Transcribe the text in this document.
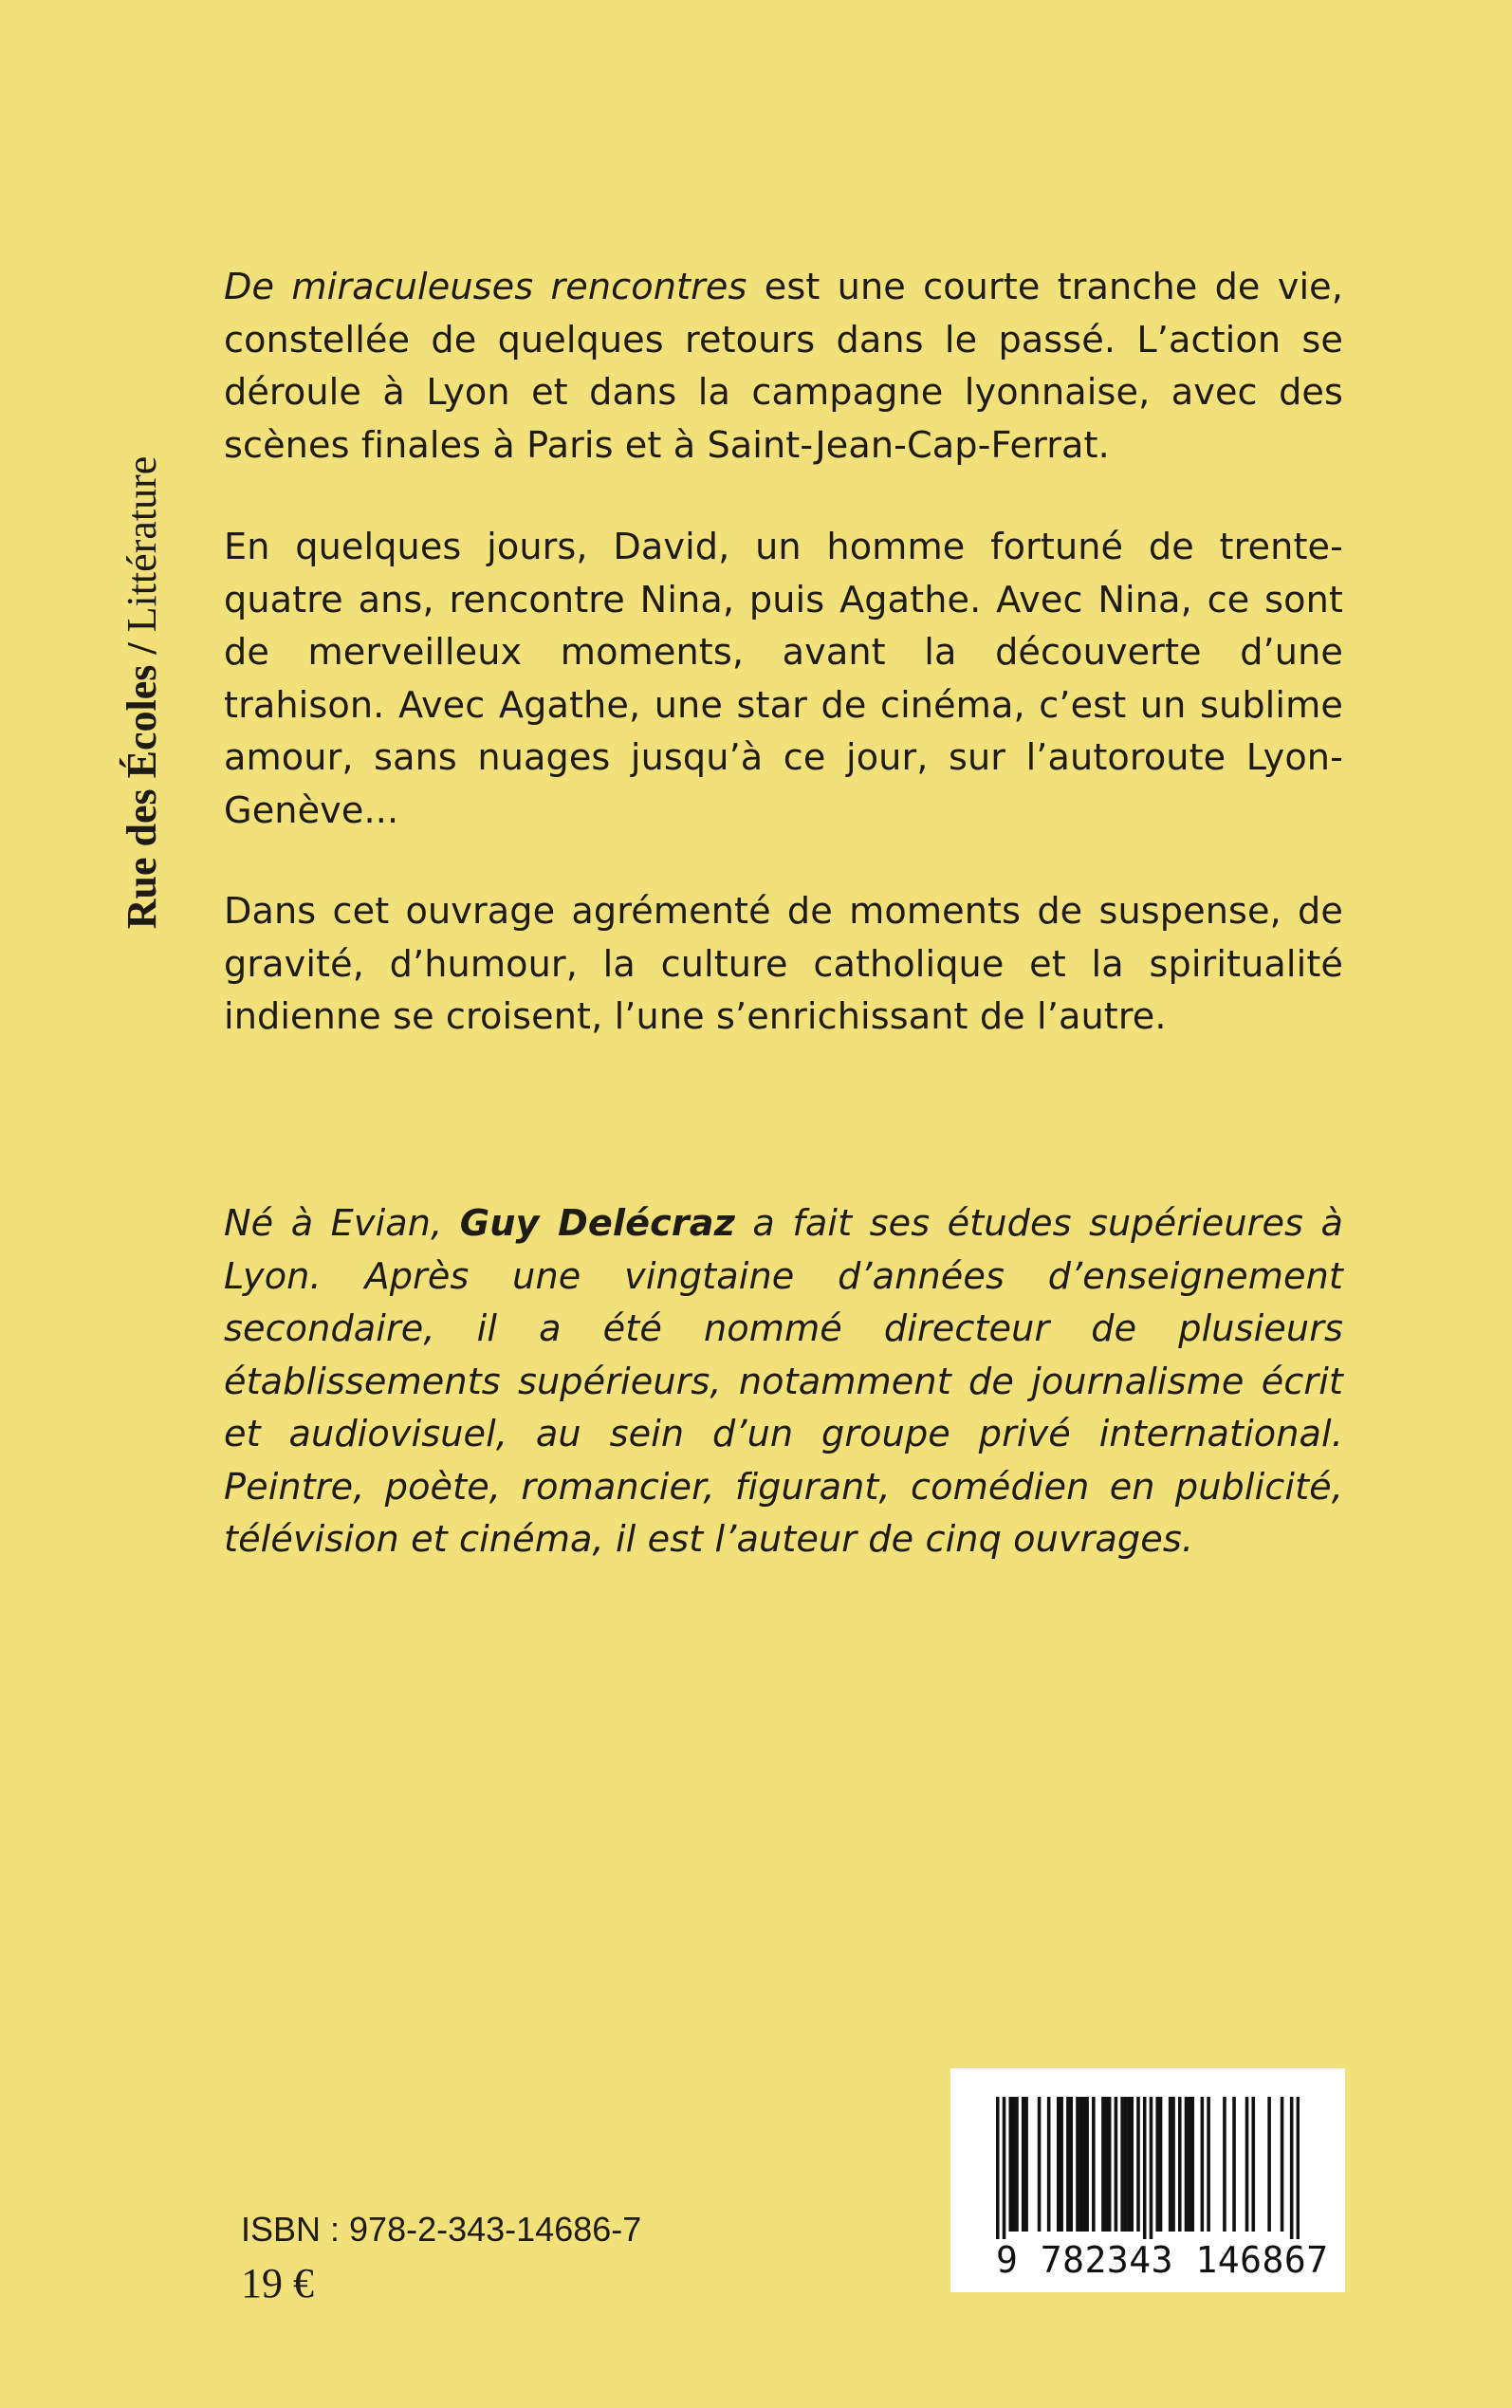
Rue des Écoles / Littérature
De miraculeuses rencontres est une courte tranche de vie, constellée de quelques retours dans le passé. L’action se déroule à Lyon et dans la campagne lyonnaise, avec des scènes finales à Paris et à Saint-Jean-Cap-Ferrat.
En quelques jours, David, un homme fortuné de trente-quatre ans, rencontre Nina, puis Agathe. Avec Nina, ce sont de merveilleux moments, avant la découverte d’une trahison. Avec Agathe, une star de cinéma, c’est un sublime amour, sans nuages jusqu’à ce jour, sur l’autoroute Lyon-Genève...
Dans cet ouvrage agrémenté de moments de suspense, de gravité, d’humour, la culture catholique et la spiritualité indienne se croisent, l’une s’enrichissant de l’autre.
Né à Evian, Guy Delécraz a fait ses études supérieures à Lyon. Après une vingtaine d’années d’enseignement secondaire, il a été nommé directeur de plusieurs établissements supérieurs, notamment de journalisme écrit et audiovisuel, au sein d’un groupe privé international. Peintre, poète, romancier, figurant, comédien en publicité, télévision et cinéma, il est l’auteur de cinq ouvrages.
9 782343 146867
ISBN : 978-2-343-14686-7
19 €
